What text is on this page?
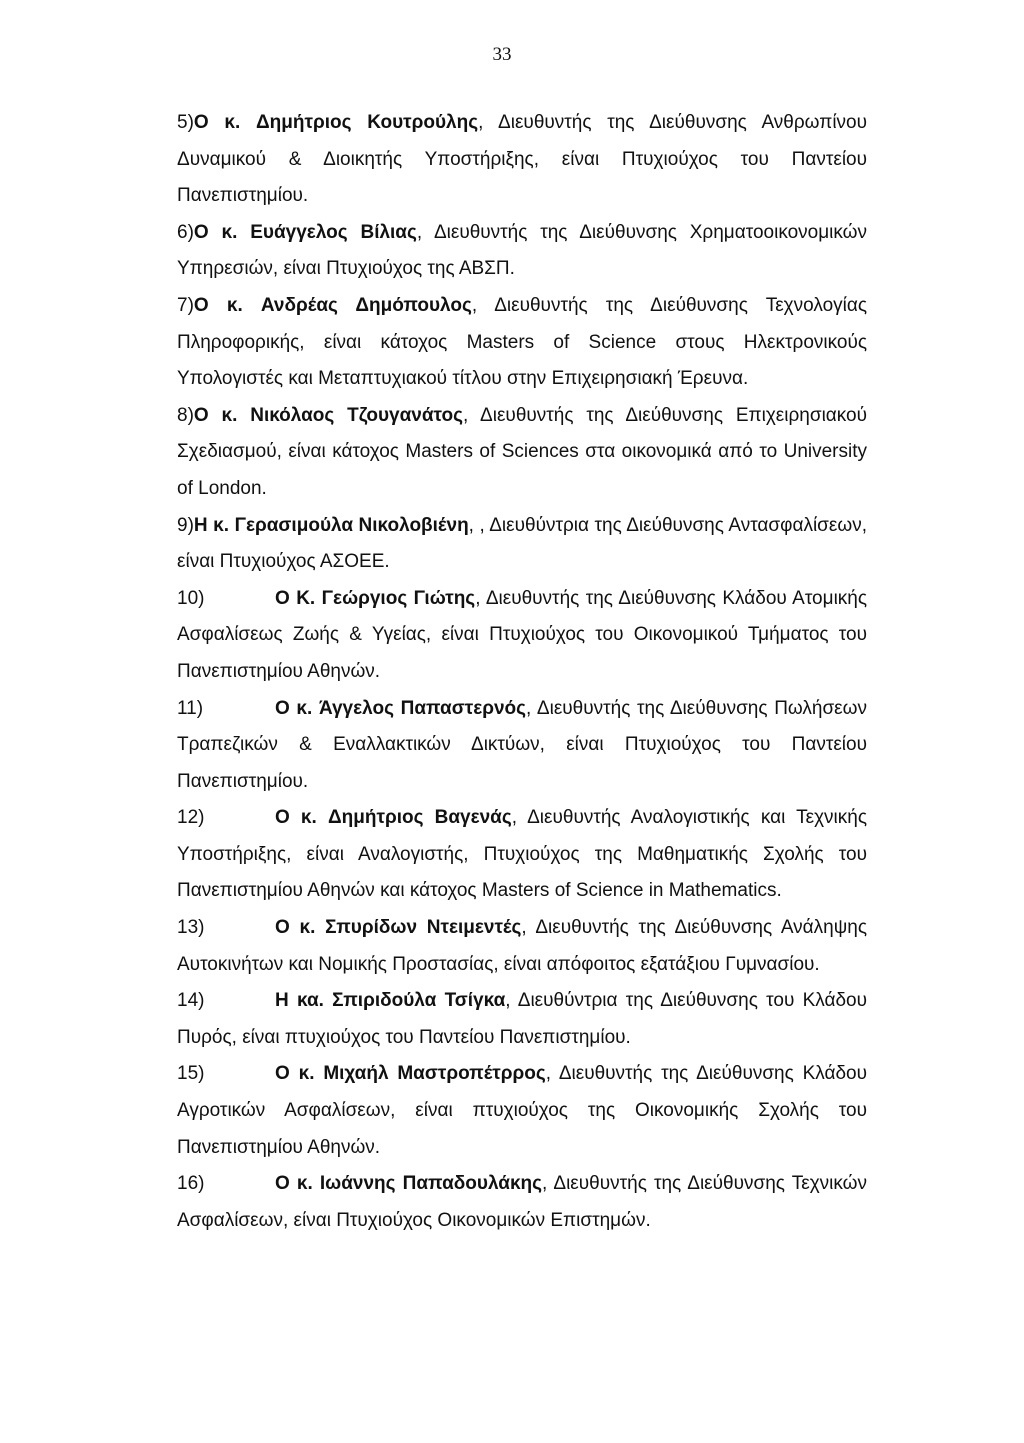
33

5)Ο κ. Δημήτριος Κουτρούλης, Διευθυντής της Διεύθυνσης Ανθρωπίνου Δυναμικού & Διοικητής Υποστήριξης, είναι Πτυχιούχος του Παντείου Πανεπιστημίου.

6)Ο κ. Ευάγγελος Βίλιας, Διευθυντής της Διεύθυνσης Χρηματοοικονομικών Υπηρεσιών, είναι Πτυχιούχος της ΑΒΣΠ.

7)Ο κ. Ανδρέας Δημόπουλος, Διευθυντής της Διεύθυνσης Τεχνολογίας Πληροφορικής, είναι κάτοχος Masters of Science στους Ηλεκτρονικούς Υπολογιστές και Μεταπτυχιακού τίτλου στην Επιχειρησιακή Έρευνα.

8)Ο κ. Νικόλαος Τζουγανάτος, Διευθυντής της Διεύθυνσης Επιχειρησιακού Σχεδιασμού, είναι κάτοχος Masters of Sciences στα οικονομικά από το University of London.

9)Η κ. Γερασιμούλα Νικολοβιένη, , Διευθύντρια της Διεύθυνσης Αντασφαλίσεων, είναι Πτυχιούχος ΑΣΟΕΕ.

10)	Ο Κ. Γεώργιος Γιώτης, Διευθυντής της Διεύθυνσης Κλάδου Ατομικής Ασφαλίσεως Ζωής & Υγείας, είναι Πτυχιούχος του Οικονομικού Τμήματος του Πανεπιστημίου Αθηνών.

11)	Ο κ. Άγγελος Παπαστερνός, Διευθυντής της Διεύθυνσης Πωλήσεων Τραπεζικών & Εναλλακτικών Δικτύων, είναι Πτυχιούχος του Παντείου Πανεπιστημίου.

12)	Ο κ. Δημήτριος Βαγενάς, Διευθυντής Αναλογιστικής και Τεχνικής Υποστήριξης, είναι Αναλογιστής, Πτυχιούχος της Μαθηματικής Σχολής του Πανεπιστημίου Αθηνών και κάτοχος Masters of Science in Mathematics.

13)	Ο κ. Σπυρίδων Ντειμεντές, Διευθυντής της Διεύθυνσης Ανάληψης Αυτοκινήτων και Νομικής Προστασίας, είναι απόφοιτος εξατάξιου Γυμνασίου.

14)	Η κα. Σπιριδούλα Τσίγκα, Διευθύντρια της Διεύθυνσης του Κλάδου Πυρός, είναι πτυχιούχος του Παντείου Πανεπιστημίου.

15)	Ο κ. Μιχαήλ Μαστροπέτρρος, Διευθυντής της Διεύθυνσης Κλάδου Αγροτικών Ασφαλίσεων, είναι πτυχιούχος της Οικονομικής Σχολής του Πανεπιστημίου Αθηνών.

16)	Ο κ. Ιωάννης Παπαδουλάκης, Διευθυντής της Διεύθυνσης Τεχνικών Ασφαλίσεων, είναι Πτυχιούχος Οικονομικών Επιστημών.
